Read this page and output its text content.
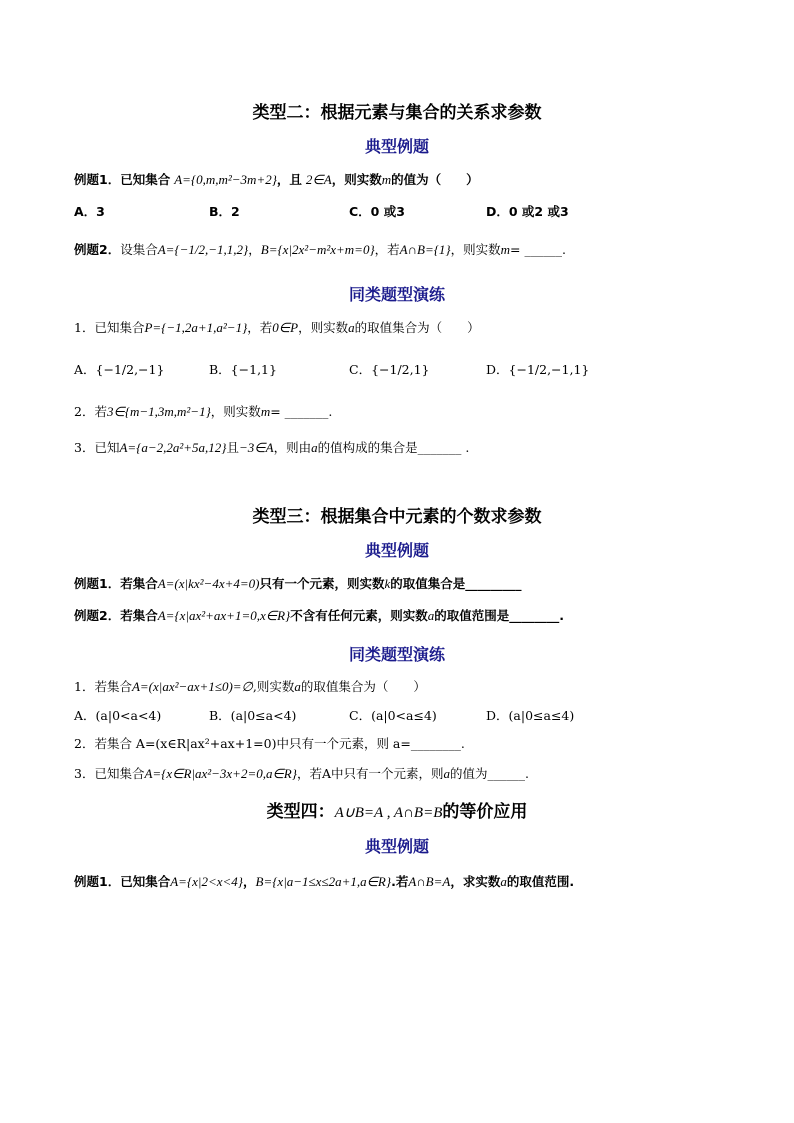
类型二：根据元素与集合的关系求参数
典型例题
例题1．已知集合 A={0,m,m²−3m+2}，且 2∈A，则实数m的值为（　　）
A．3	B．2	C．0 或3	D．0 或2 或3
例题2．设集合A={−1/2,−1,1,2}，B={x|2x²−m²x+m=0}，若A∩B={1}，则实数m= ______.
同类题型演练
1．已知集合P={−1,2a+1,a²−1}，若0∈P，则实数a的取值集合为（　　）
A．{−1/2,−1}	B．{−1,1}	C．{−1/2,1}	D．{−1/2,−1,1}
2．若3∈{m−1,3m,m²−1}，则实数m= _______.
3．已知A={a−2,2a²+5a,12}且−3∈A，则由a的值构成的集合是_______ .
类型三：根据集合中元素的个数求参数
典型例题
例题1．若集合A=(x|kx²−4x+4=0)只有一个元素，则实数k的取值集合是_________
例题2．若集合A={x|ax²+ax+1=0,x∈R}不含有任何元素，则实数a的取值范围是________.
同类题型演练
1．若集合A=(x|ax²−ax+1≤0)=∅,则实数a的取值集合为（　　）
A．(a|0<a<4)	B．(a|0≤a<4)	C．(a|0<a≤4)	D．(a|0≤a≤4)
2．若集合 A=(x∈R|ax²+ax+1=0)中只有一个元素，则 a=________.
3．已知集合A={x∈R|ax²−3x+2=0,a∈R}，若A中只有一个元素，则a的值为______.
类型四：A∪B=A , A∩B=B的等价应用
典型例题
例题1．已知集合A={x|2<x<4}，B={x|a−1≤x≤2a+1,a∈R}.若A∩B=A，求实数a的取值范围.
